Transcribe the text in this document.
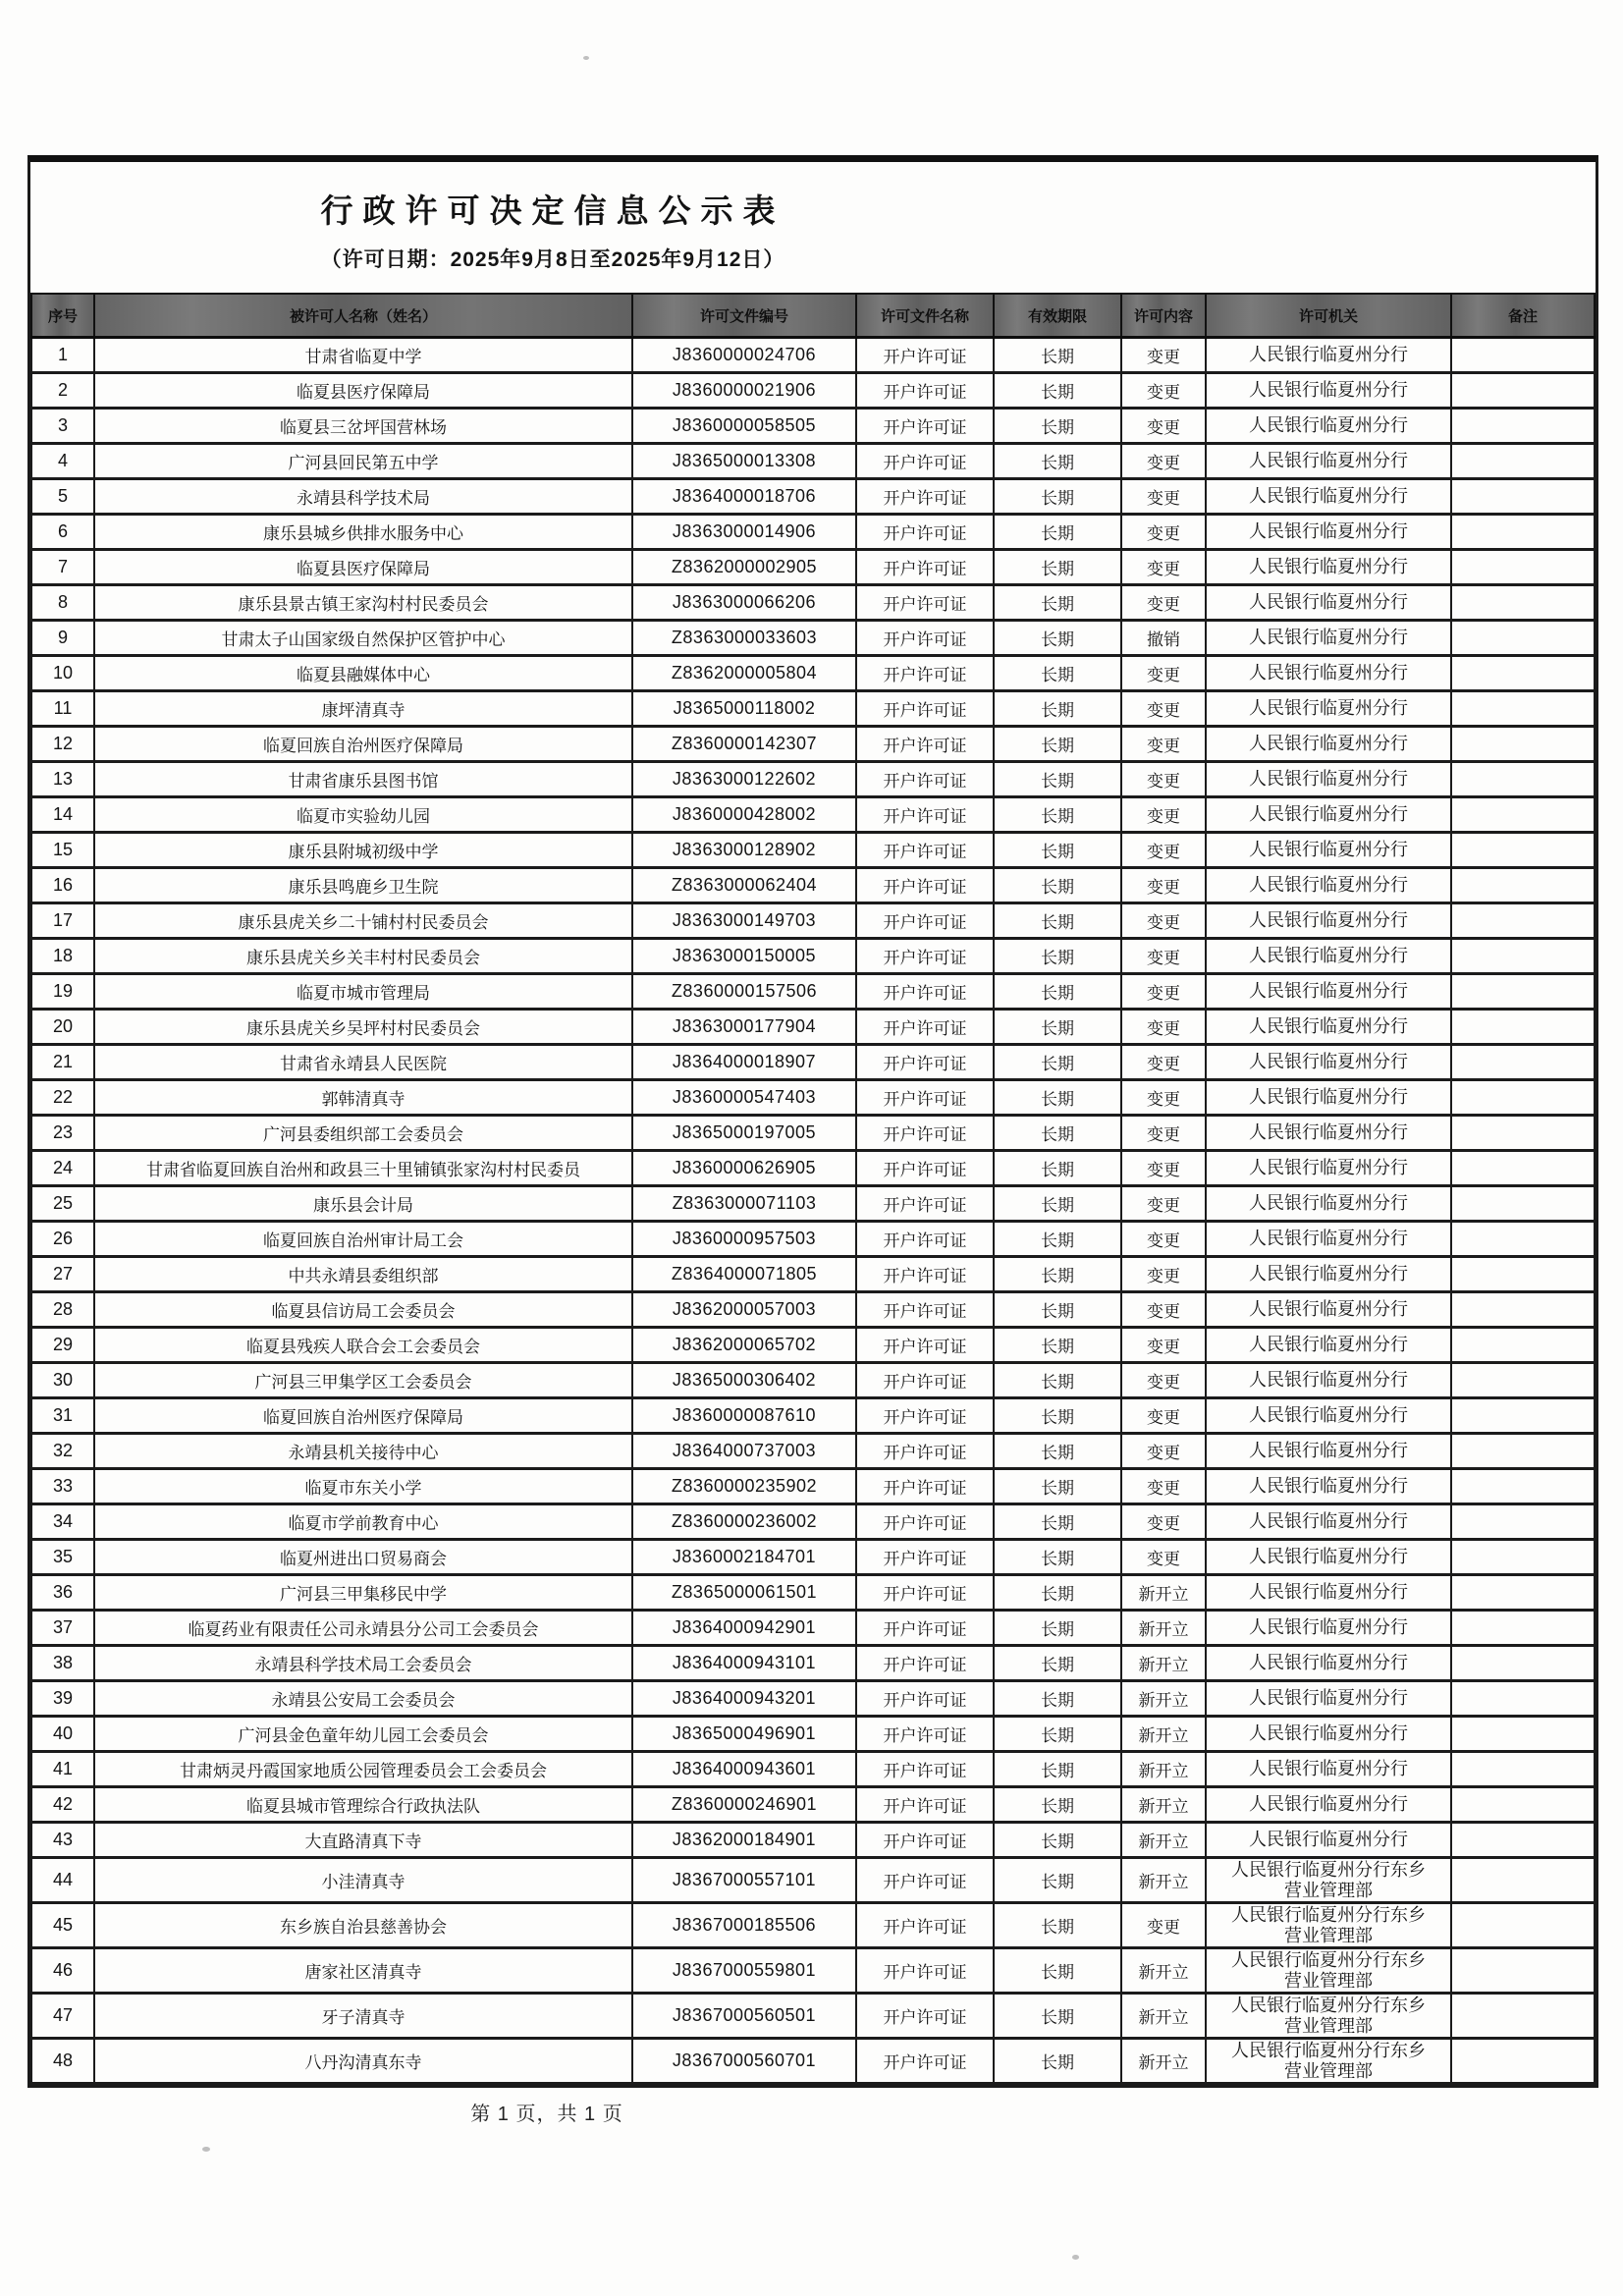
行政许可决定信息公示表
（许可日期：2025年9月8日至2025年9月12日）
序号	被许可人名称（姓名）	许可文件编号	许可文件名称	有效期限	许可内容	许可机关	备注
1	甘肃省临夏中学	J8360000024706	开户许可证	长期	变更	人民银行临夏州分行	
2	临夏县医疗保障局	J8360000021906	开户许可证	长期	变更	人民银行临夏州分行	
3	临夏县三岔坪国营林场	J8360000058505	开户许可证	长期	变更	人民银行临夏州分行	
4	广河县回民第五中学	J8365000013308	开户许可证	长期	变更	人民银行临夏州分行	
5	永靖县科学技术局	J8364000018706	开户许可证	长期	变更	人民银行临夏州分行	
6	康乐县城乡供排水服务中心	J8363000014906	开户许可证	长期	变更	人民银行临夏州分行	
7	临夏县医疗保障局	Z8362000002905	开户许可证	长期	变更	人民银行临夏州分行	
8	康乐县景古镇王家沟村村民委员会	J8363000066206	开户许可证	长期	变更	人民银行临夏州分行	
9	甘肃太子山国家级自然保护区管护中心	Z8363000033603	开户许可证	长期	撤销	人民银行临夏州分行	
10	临夏县融媒体中心	Z8362000005804	开户许可证	长期	变更	人民银行临夏州分行	
11	康坪清真寺	J8365000118002	开户许可证	长期	变更	人民银行临夏州分行	
12	临夏回族自治州医疗保障局	Z8360000142307	开户许可证	长期	变更	人民银行临夏州分行	
13	甘肃省康乐县图书馆	J8363000122602	开户许可证	长期	变更	人民银行临夏州分行	
14	临夏市实验幼儿园	J8360000428002	开户许可证	长期	变更	人民银行临夏州分行	
15	康乐县附城初级中学	J8363000128902	开户许可证	长期	变更	人民银行临夏州分行	
16	康乐县鸣鹿乡卫生院	Z8363000062404	开户许可证	长期	变更	人民银行临夏州分行	
17	康乐县虎关乡二十铺村村民委员会	J8363000149703	开户许可证	长期	变更	人民银行临夏州分行	
18	康乐县虎关乡关丰村村民委员会	J8363000150005	开户许可证	长期	变更	人民银行临夏州分行	
19	临夏市城市管理局	Z8360000157506	开户许可证	长期	变更	人民银行临夏州分行	
20	康乐县虎关乡吴坪村村民委员会	J8363000177904	开户许可证	长期	变更	人民银行临夏州分行	
21	甘肃省永靖县人民医院	J8364000018907	开户许可证	长期	变更	人民银行临夏州分行	
22	郭韩清真寺	J8360000547403	开户许可证	长期	变更	人民银行临夏州分行	
23	广河县委组织部工会委员会	J8365000197005	开户许可证	长期	变更	人民银行临夏州分行	
24	甘肃省临夏回族自治州和政县三十里铺镇张家沟村村民委员	J8360000626905	开户许可证	长期	变更	人民银行临夏州分行	
25	康乐县会计局	Z8363000071103	开户许可证	长期	变更	人民银行临夏州分行	
26	临夏回族自治州审计局工会	J8360000957503	开户许可证	长期	变更	人民银行临夏州分行	
27	中共永靖县委组织部	Z8364000071805	开户许可证	长期	变更	人民银行临夏州分行	
28	临夏县信访局工会委员会	J8362000057003	开户许可证	长期	变更	人民银行临夏州分行	
29	临夏县残疾人联合会工会委员会	J8362000065702	开户许可证	长期	变更	人民银行临夏州分行	
30	广河县三甲集学区工会委员会	J8365000306402	开户许可证	长期	变更	人民银行临夏州分行	
31	临夏回族自治州医疗保障局	J8360000087610	开户许可证	长期	变更	人民银行临夏州分行	
32	永靖县机关接待中心	J8364000737003	开户许可证	长期	变更	人民银行临夏州分行	
33	临夏市东关小学	Z8360000235902	开户许可证	长期	变更	人民银行临夏州分行	
34	临夏市学前教育中心	Z8360000236002	开户许可证	长期	变更	人民银行临夏州分行	
35	临夏州进出口贸易商会	J8360002184701	开户许可证	长期	变更	人民银行临夏州分行	
36	广河县三甲集移民中学	Z8365000061501	开户许可证	长期	新开立	人民银行临夏州分行	
37	临夏药业有限责任公司永靖县分公司工会委员会	J8364000942901	开户许可证	长期	新开立	人民银行临夏州分行	
38	永靖县科学技术局工会委员会	J8364000943101	开户许可证	长期	新开立	人民银行临夏州分行	
39	永靖县公安局工会委员会	J8364000943201	开户许可证	长期	新开立	人民银行临夏州分行	
40	广河县金色童年幼儿园工会委员会	J8365000496901	开户许可证	长期	新开立	人民银行临夏州分行	
41	甘肃炳灵丹霞国家地质公园管理委员会工会委员会	J8364000943601	开户许可证	长期	新开立	人民银行临夏州分行	
42	临夏县城市管理综合行政执法队	Z8360000246901	开户许可证	长期	新开立	人民银行临夏州分行	
43	大直路清真下寺	J8362000184901	开户许可证	长期	新开立	人民银行临夏州分行	
44	小洼清真寺	J8367000557101	开户许可证	长期	新开立	人民银行临夏州分行东乡营业管理部	
45	东乡族自治县慈善协会	J8367000185506	开户许可证	长期	变更	人民银行临夏州分行东乡营业管理部	
46	唐家社区清真寺	J8367000559801	开户许可证	长期	新开立	人民银行临夏州分行东乡营业管理部	
47	牙子清真寺	J8367000560501	开户许可证	长期	新开立	人民银行临夏州分行东乡营业管理部	
48	八丹沟清真东寺	J8367000560701	开户许可证	长期	新开立	人民银行临夏州分行东乡营业管理部	
第 1 页，共 1 页
